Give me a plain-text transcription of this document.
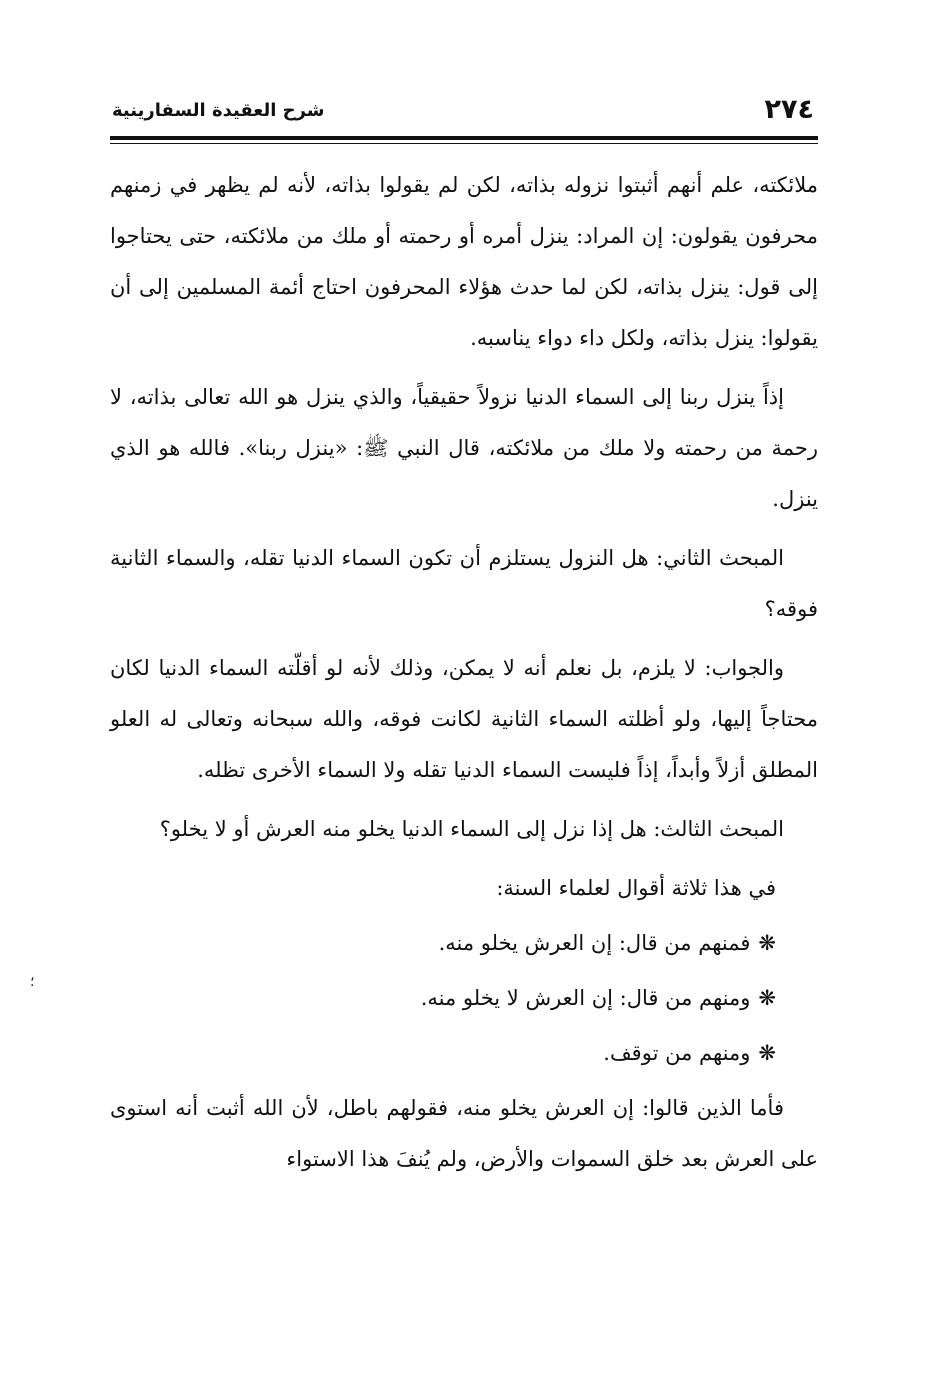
٢٧٤
شرح العقيدة السفارينية

ملائكته، علم أنهم أثبتوا نزوله بذاته، لكن لم يقولوا بذاته، لأنه لم يظهر في زمنهم محرفون يقولون: إن المراد: ينزل أمره أو رحمته أو ملك من ملائكته، حتى يحتاجوا إلى قول: ينزل بذاته، لكن لما حدث هؤلاء المحرفون احتاج أئمة المسلمين إلى أن يقولوا: ينزل بذاته، ولكل داء دواء يناسبه.

إذاً ينزل ربنا إلى السماء الدنيا نزولاً حقيقياً، والذي ينزل هو الله تعالى بذاته، لا رحمة من رحمته ولا ملك من ملائكته، قال النبي ﷺ: «ينزل ربنا». فالله هو الذي ينزل.

المبحث الثاني: هل النزول يستلزم أن تكون السماء الدنيا تقله، والسماء الثانية فوقه؟

والجواب: لا يلزم، بل نعلم أنه لا يمكن، وذلك لأنه لو أقلّته السماء الدنيا لكان محتاجاً إليها، ولو أظلته السماء الثانية لكانت فوقه، والله سبحانه وتعالى له العلو المطلق أزلاً وأبداً، إذاً فليست السماء الدنيا تقله ولا السماء الأخرى تظله.

المبحث الثالث: هل إذا نزل إلى السماء الدنيا يخلو منه العرش أو لا يخلو؟

في هذا ثلاثة أقوال لعلماء السنة:

❋فمنهم من قال: إن العرش يخلو منه.

❋ومنهم من قال: إن العرش لا يخلو منه.

❋ومنهم من توقف.

فأما الذين قالوا: إن العرش يخلو منه، فقولهم باطل، لأن الله أثبت أنه استوى على العرش بعد خلق السموات والأرض، ولم يُنفَ هذا الاستواء

؛
